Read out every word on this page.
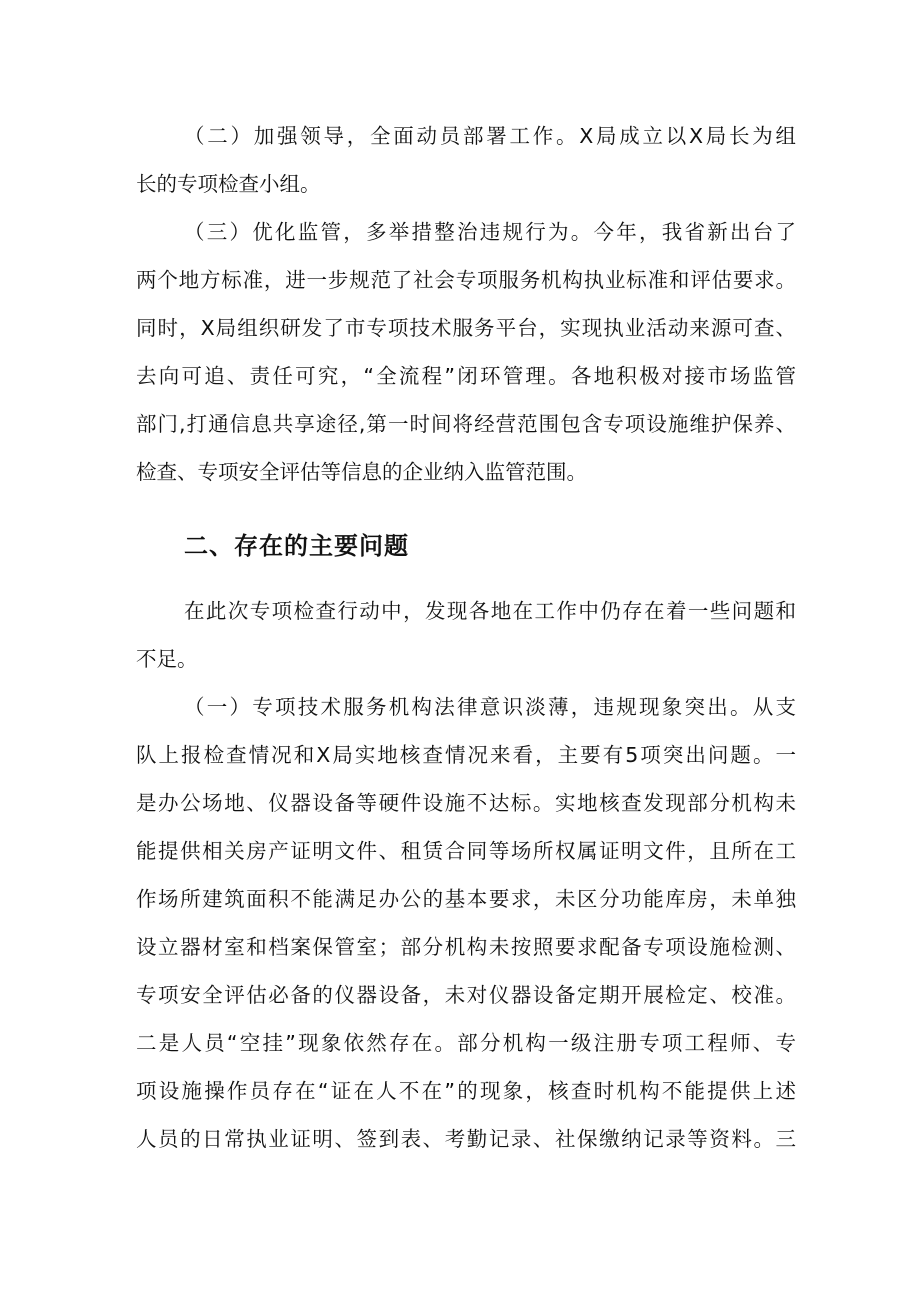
（二）加强领导，全面动员部署工作。X局成立以X局长为组
长的专项检查小组。
（三）优化监管，多举措整治违规行为。今年，我省新出台了
两个地方标准，进一步规范了社会专项服务机构执业标准和评估要求。
同时，X局组织研发了市专项技术服务平台，实现执业活动来源可查、
去向可追、责任可究，“全流程”闭环管理。各地积极对接市场监管
部门,打通信息共享途径,第一时间将经营范围包含专项设施维护保养、
检查、专项安全评估等信息的企业纳入监管范围。
二、存在的主要问题
在此次专项检查行动中，发现各地在工作中仍存在着一些问题和
不足。
（一）专项技术服务机构法律意识淡薄，违规现象突出。从支
队上报检查情况和X局实地核查情况来看，主要有5项突出问题。一
是办公场地、仪器设备等硬件设施不达标。实地核查发现部分机构未
能提供相关房产证明文件、租赁合同等场所权属证明文件，且所在工
作场所建筑面积不能满足办公的基本要求，未区分功能库房，未单独
设立器材室和档案保管室；部分机构未按照要求配备专项设施检测、
专项安全评估必备的仪器设备，未对仪器设备定期开展检定、校准。
二是人员“空挂”现象依然存在。部分机构一级注册专项工程师、专
项设施操作员存在“证在人不在”的现象，核查时机构不能提供上述
人员的日常执业证明、签到表、考勤记录、社保缴纳记录等资料。三
